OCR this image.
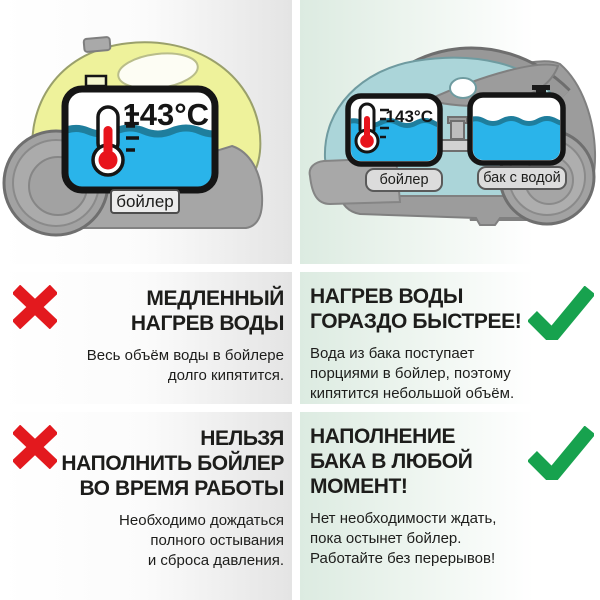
143°C
бойлер
143°C
бойлер	бак с водой
МЕДЛЕННЫЙ
НАГРЕВ ВОДЫ

Весь объём воды в бойлере
долго кипятится.

НАГРЕВ ВОДЫ
ГОРАЗДО БЫСТРЕЕ!

Вода из бака поступает
порциями в бойлер, поэтому
кипятится небольшой объём.

НЕЛЬЗЯ
НАПОЛНИТЬ БОЙЛЕР
ВО ВРЕМЯ РАБОТЫ

Необходимо дождаться
полного остывания
и сброса давления.

НАПОЛНЕНИЕ
БАКА В ЛЮБОЙ
МОМЕНТ!

Нет необходимости ждать,
пока остынет бойлер.
Работайте без перерывов!
